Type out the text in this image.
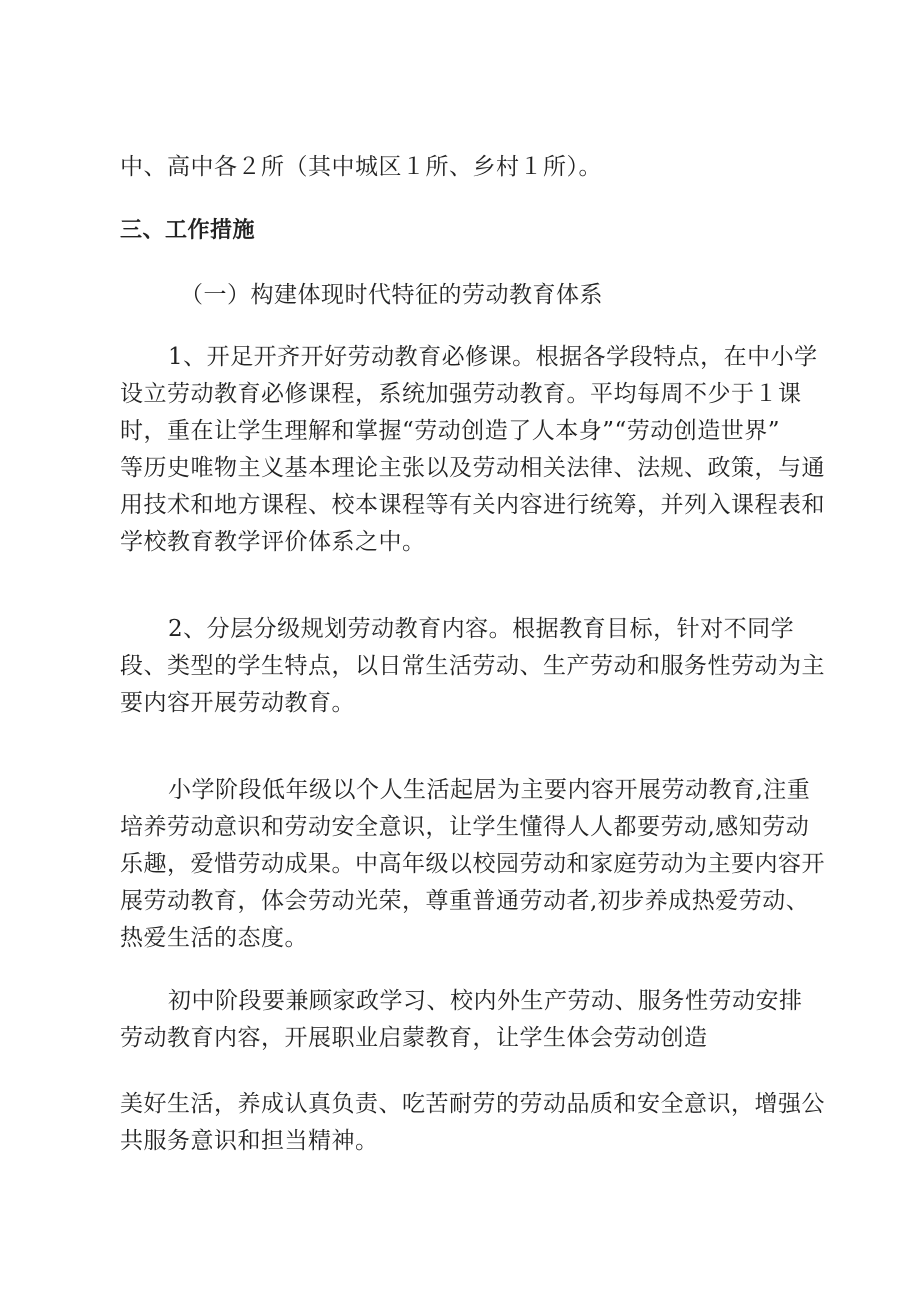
中、高中各２所（其中城区１所、乡村１所）。
三、工作措施
（一）构建体现时代特征的劳动教育体系
1、开足开齐开好劳动教育必修课。根据各学段特点，在中小学
设立劳动教育必修课程，系统加强劳动教育。平均每周不少于１课
时，重在让学生理解和掌握“劳动创造了人本身”“劳动创造世界”
等历史唯物主义基本理论主张以及劳动相关法律、法规、政策，与通
用技术和地方课程、校本课程等有关内容进行统筹，并列入课程表和
学校教育教学评价体系之中。
2、分层分级规划劳动教育内容。根据教育目标，针对不同学
段、类型的学生特点，以日常生活劳动、生产劳动和服务性劳动为主
要内容开展劳动教育。
小学阶段低年级以个人生活起居为主要内容开展劳动教育,注重
培养劳动意识和劳动安全意识，让学生懂得人人都要劳动,感知劳动
乐趣，爱惜劳动成果。中高年级以校园劳动和家庭劳动为主要内容开
展劳动教育，体会劳动光荣，尊重普通劳动者,初步养成热爱劳动、
热爱生活的态度。
初中阶段要兼顾家政学习、校内外生产劳动、服务性劳动安排
劳动教育内容，开展职业启蒙教育，让学生体会劳动创造
美好生活，养成认真负责、吃苦耐劳的劳动品质和安全意识，增强公
共服务意识和担当精神。
